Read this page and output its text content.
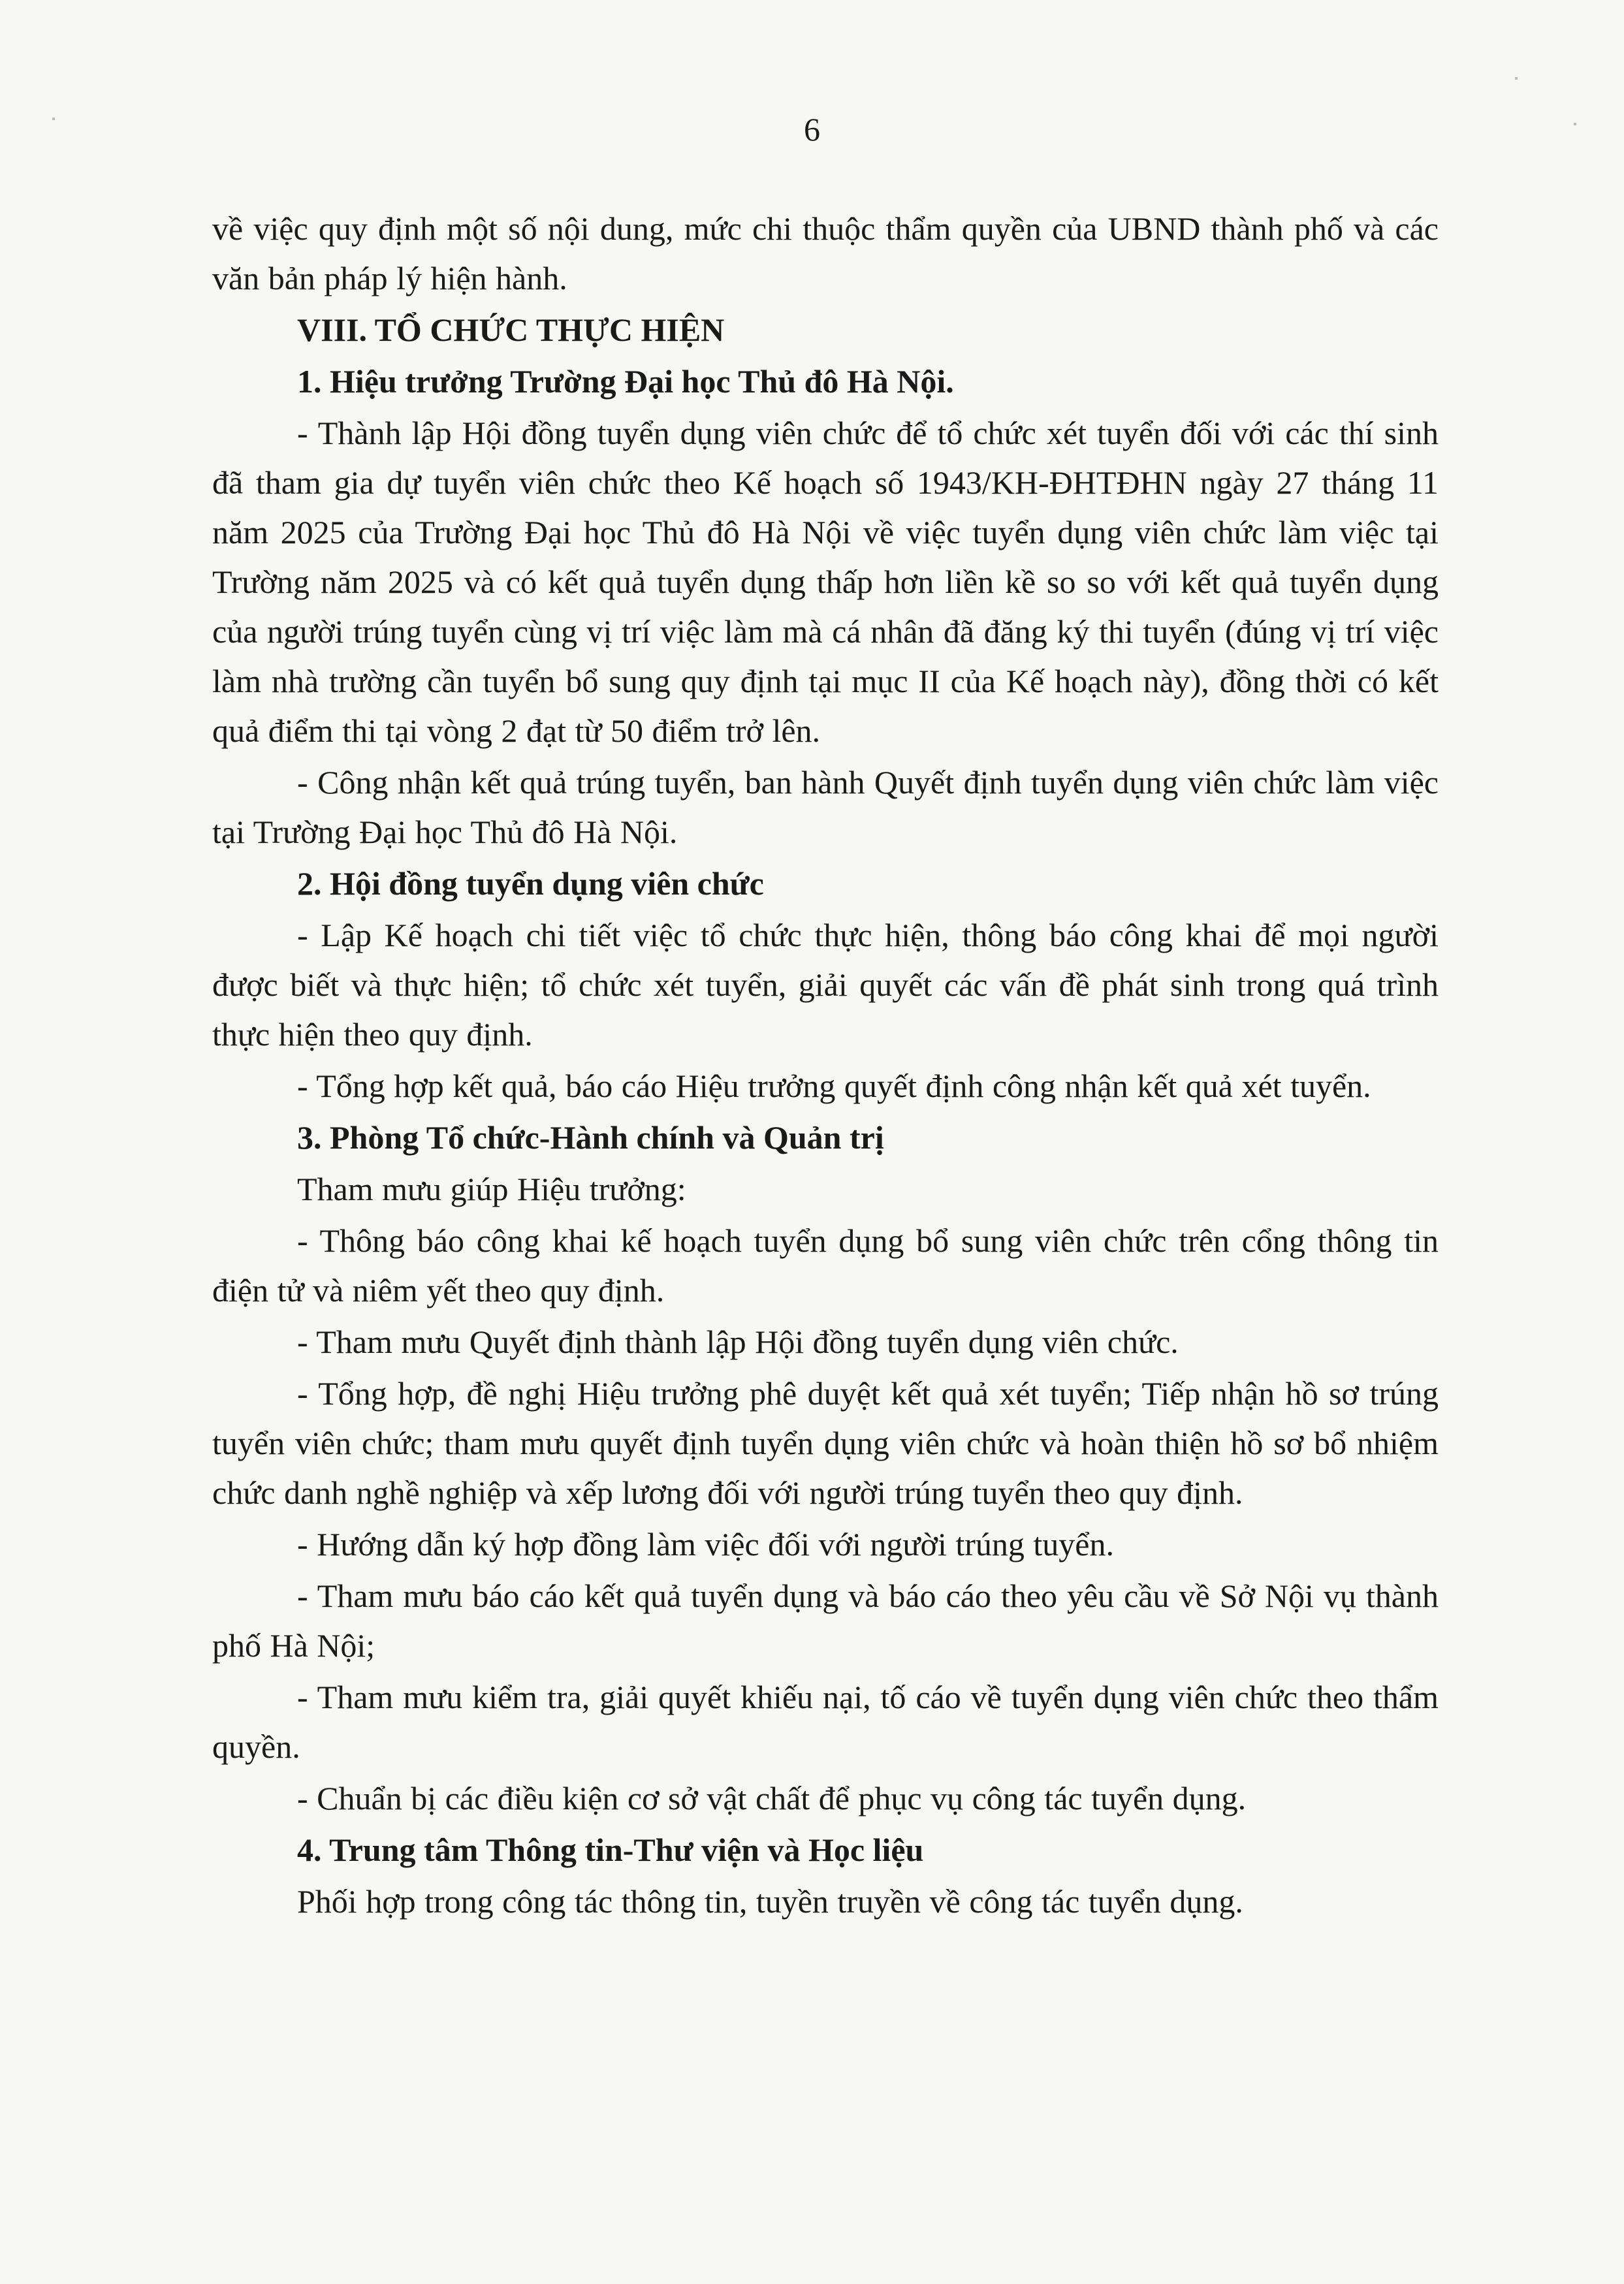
6

về việc quy định một số nội dung, mức chi thuộc thẩm quyền của UBND thành phố và các văn bản pháp lý hiện hành.

VIII. TỔ CHỨC THỰC HIỆN

1. Hiệu trưởng Trường Đại học Thủ đô Hà Nội.

- Thành lập Hội đồng tuyển dụng viên chức để tổ chức xét tuyển đối với các thí sinh đã tham gia dự tuyển viên chức theo Kế hoạch số 1943/KH-ĐHTĐHN ngày 27 tháng 11 năm 2025 của Trường Đại học Thủ đô Hà Nội về việc tuyển dụng viên chức làm việc tại Trường năm 2025 và có kết quả tuyển dụng thấp hơn liền kề so so với kết quả tuyển dụng của người trúng tuyển cùng vị trí việc làm mà cá nhân đã đăng ký thi tuyển (đúng vị trí việc làm nhà trường cần tuyển bổ sung quy định tại mục II của Kế hoạch này), đồng thời có kết quả điểm thi tại vòng 2 đạt từ 50 điểm trở lên.

- Công nhận kết quả trúng tuyển, ban hành Quyết định tuyển dụng viên chức làm việc tại Trường Đại học Thủ đô Hà Nội.

2. Hội đồng tuyển dụng viên chức

- Lập Kế hoạch chi tiết việc tổ chức thực hiện, thông báo công khai để mọi người được biết và thực hiện; tổ chức xét tuyển, giải quyết các vấn đề phát sinh trong quá trình thực hiện theo quy định.

- Tổng hợp kết quả, báo cáo Hiệu trưởng quyết định công nhận kết quả xét tuyển.

3. Phòng Tổ chức-Hành chính và Quản trị

Tham mưu giúp Hiệu trưởng:

- Thông báo công khai kế hoạch tuyển dụng bổ sung viên chức trên cổng thông tin điện tử và niêm yết theo quy định.

- Tham mưu Quyết định thành lập Hội đồng tuyển dụng viên chức.

- Tổng hợp, đề nghị Hiệu trưởng phê duyệt kết quả xét tuyển; Tiếp nhận hồ sơ trúng tuyển viên chức; tham mưu quyết định tuyển dụng viên chức và hoàn thiện hồ sơ bổ nhiệm chức danh nghề nghiệp và xếp lương đối với người trúng tuyển theo quy định.

- Hướng dẫn ký hợp đồng làm việc đối với người trúng tuyển.

- Tham mưu báo cáo kết quả tuyển dụng và báo cáo theo yêu cầu về Sở Nội vụ thành phố Hà Nội;

- Tham mưu kiểm tra, giải quyết khiếu nại, tố cáo về tuyển dụng viên chức theo thẩm quyền.

- Chuẩn bị các điều kiện cơ sở vật chất để phục vụ công tác tuyển dụng.

4. Trung tâm Thông tin-Thư viện và Học liệu

Phối hợp trong công tác thông tin, tuyền truyền về công tác tuyển dụng.
